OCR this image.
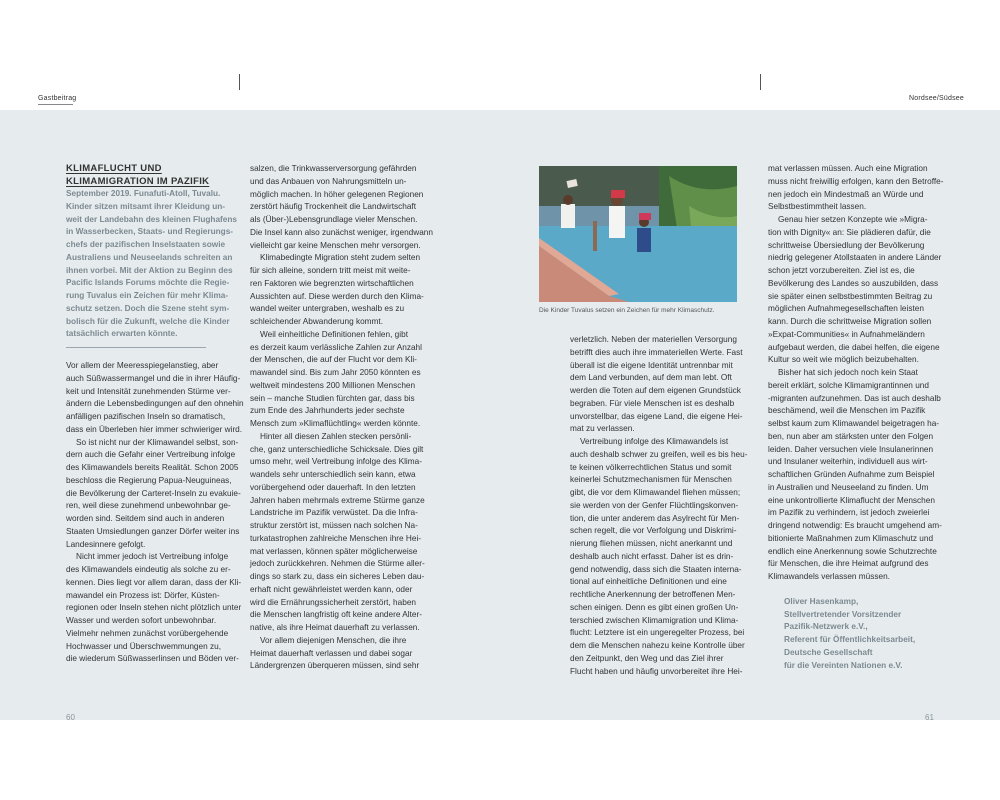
Gastbeitrag	Nordsee/Südsee
KLIMAFLUCHT UND
KLIMAMIGRATION IM PAZIFIK

September 2019. Funafuti-Atoll, Tuvalu.
Kinder sitzen mitsamt ihrer Kleidung un-
weit der Landebahn des kleinen Flughafens
in Wasserbecken, Staats- und Regierungs-
chefs der pazifischen Inselstaaten sowie
Australiens und Neuseelands schreiten an
ihnen vorbei. Mit der Aktion zu Beginn des
Pacific Islands Forums möchte die Regie-
rung Tuvalus ein Zeichen für mehr Klima-
schutz setzen. Doch die Szene steht sym-
bolisch für die Zukunft, welche die Kinder
tatsächlich erwarten könnte.

Vor allem der Meeresspiegelanstieg, aber
auch Süßwassermangel und die in ihrer Häufig-
keit und Intensität zunehmenden Stürme ver-
ändern die Lebensbedingungen auf den ohnehin
anfälligen pazifischen Inseln so dramatisch,
dass ein Überleben hier immer schwieriger wird.

So ist nicht nur der Klimawandel selbst, son-
dern auch die Gefahr einer Vertreibung infolge
des Klimawandels bereits Realität. Schon 2005
beschloss die Regierung Papua-Neuguineas,
die Bevölkerung der Carteret-Inseln zu evakuie-
ren, weil diese zunehmend unbewohnbar ge-
worden sind. Seitdem sind auch in anderen
Staaten Umsiedlungen ganzer Dörfer weiter ins
Landesinnere gefolgt.

Nicht immer jedoch ist Vertreibung infolge
des Klimawandels eindeutig als solche zu er-
kennen. Dies liegt vor allem daran, dass der Kli-
mawandel ein Prozess ist: Dörfer, Küsten-
regionen oder Inseln stehen nicht plötzlich unter
Wasser und werden sofort unbewohnbar.
Vielmehr nehmen zunächst vorübergehende
Hochwasser und Überschwemmungen zu,
die wiederum Süßwasserlinsen und Böden ver-

salzen, die Trinkwasserversorgung gefährden
und das Anbauen von Nahrungsmitteln un-
möglich machen. In höher gelegenen Regionen
zerstört häufig Trockenheit die Landwirtschaft
als (Über-)Lebensgrundlage vieler Menschen.
Die Insel kann also zunächst weniger, irgendwann
vielleicht gar keine Menschen mehr versorgen.

Klimabedingte Migration steht zudem selten
für sich alleine, sondern tritt meist mit weite-
ren Faktoren wie begrenzten wirtschaftlichen
Aussichten auf. Diese werden durch den Klima-
wandel weiter untergraben, weshalb es zu
schleichender Abwanderung kommt.

Weil einheitliche Definitionen fehlen, gibt
es derzeit kaum verlässliche Zahlen zur Anzahl
der Menschen, die auf der Flucht vor dem Kli-
mawandel sind. Bis zum Jahr 2050 könnten es
weltweit mindestens 200 Millionen Menschen
sein – manche Studien fürchten gar, dass bis
zum Ende des Jahrhunderts jeder sechste
Mensch zum »Klimaflüchtling« werden könnte.

Hinter all diesen Zahlen stecken persönli-
che, ganz unterschiedliche Schicksale. Dies gilt
umso mehr, weil Vertreibung infolge des Klima-
wandels sehr unterschiedlich sein kann, etwa
vorübergehend oder dauerhaft. In den letzten
Jahren haben mehrmals extreme Stürme ganze
Landstriche im Pazifik verwüstet. Da die Infra-
struktur zerstört ist, müssen nach solchen Na-
turkatastrophen zahlreiche Menschen ihre Hei-
mat verlassen, können später möglicherweise
jedoch zurückkehren. Nehmen die Stürme aller-
dings so stark zu, dass ein sicheres Leben dau-
erhaft nicht gewährleistet werden kann, oder
wird die Ernährungssicherheit zerstört, haben
die Menschen langfristig oft keine andere Alter-
native, als ihre Heimat dauerhaft zu verlassen.

Vor allem diejenigen Menschen, die ihre
Heimat dauerhaft verlassen und dabei sogar
Ländergrenzen überqueren müssen, sind sehr

Die Kinder Tuvalus setzen ein Zeichen für mehr Klimaschutz.

verletzlich. Neben der materiellen Versorgung
betrifft dies auch ihre immateriellen Werte. Fast
überall ist die eigene Identität untrennbar mit
dem Land verbunden, auf dem man lebt. Oft
werden die Toten auf dem eigenen Grundstück
begraben. Für viele Menschen ist es deshalb
unvorstellbar, das eigene Land, die eigene Hei-
mat zu verlassen.

Vertreibung infolge des Klimawandels ist
auch deshalb schwer zu greifen, weil es bis heu-
te keinen völkerrechtlichen Status und somit
keinerlei Schutzmechanismen für Menschen
gibt, die vor dem Klimawandel fliehen müssen;
sie werden von der Genfer Flüchtlingskonven-
tion, die unter anderem das Asylrecht für Men-
schen regelt, die vor Verfolgung und Diskrimi-
nierung fliehen müssen, nicht anerkannt und
deshalb auch nicht erfasst. Daher ist es drin-
gend notwendig, dass sich die Staaten interna-
tional auf einheitliche Definitionen und eine
rechtliche Anerkennung der betroffenen Men-
schen einigen. Denn es gibt einen großen Un-
terschied zwischen Klimamigration und Klima-
flucht: Letztere ist ein ungeregelter Prozess, bei
dem die Menschen nahezu keine Kontrolle über
den Zeitpunkt, den Weg und das Ziel ihrer
Flucht haben und häufig unvorbereitet ihre Hei-

mat verlassen müssen. Auch eine Migration
muss nicht freiwillig erfolgen, kann den Betroffe-
nen jedoch ein Mindestmaß an Würde und
Selbstbestimmtheit lassen.

Genau hier setzen Konzepte wie »Migra-
tion with Dignity« an: Sie plädieren dafür, die
schrittweise Übersiedlung der Bevölkerung
niedrig gelegener Atollstaaten in andere Länder
schon jetzt vorzubereiten. Ziel ist es, die
Bevölkerung des Landes so auszubilden, dass
sie später einen selbstbestimmten Beitrag zu
möglichen Aufnahmegesellschaften leisten
kann. Durch die schrittweise Migration sollen
»Expat-Communities« in Aufnahmeländern
aufgebaut werden, die dabei helfen, die eigene
Kultur so weit wie möglich beizubehalten.

Bisher hat sich jedoch noch kein Staat
bereit erklärt, solche Klimamigrantinnen und
-migranten aufzunehmen. Das ist auch deshalb
beschämend, weil die Menschen im Pazifik
selbst kaum zum Klimawandel beigetragen ha-
ben, nun aber am stärksten unter den Folgen
leiden. Daher versuchen viele Insulanerinnen
und Insulaner weiterhin, individuell aus wirt-
schaftlichen Gründen Aufnahme zum Beispiel
in Australien und Neuseeland zu finden. Um
eine unkontrollierte Klimaflucht der Menschen
im Pazifik zu verhindern, ist jedoch zweierlei
dringend notwendig: Es braucht umgehend am-
bitionierte Maßnahmen zum Klimaschutz und
endlich eine Anerkennung sowie Schutzrechte
für Menschen, die ihre Heimat aufgrund des
Klimawandels verlassen müssen.

Oliver Hasenkamp,
Stellvertretender Vorsitzender
Pazifik-Netzwerk e.V.,
Referent für Öffentlichkeitsarbeit,
Deutsche Gesellschaft
für die Vereinten Nationen e.V.

60	61
